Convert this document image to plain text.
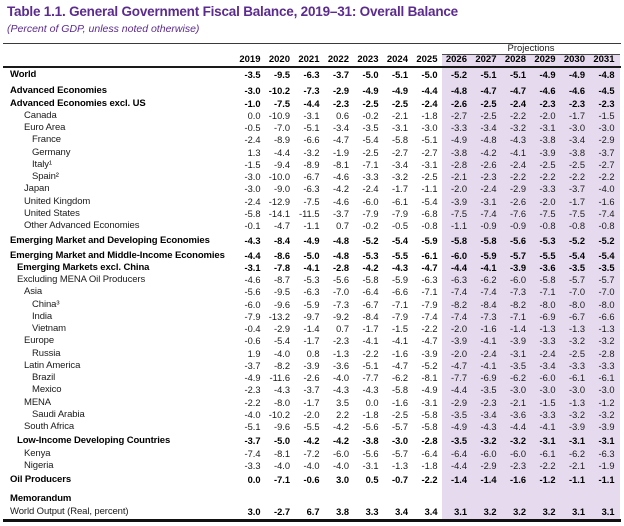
Table 1.1. General Government Fiscal Balance, 2019–31: Overall Balance
(Percent of GDP, unless noted otherwise)
Projections
2019 2020 2021 2022 2023 2024 2025 2026 2027 2028 2029 2030 2031
World	-3.5	-9.5	-6.3	-3.7	-5.0	-5.1	-5.0	-5.2	-5.1	-5.1	-4.9	-4.9	-4.8
Advanced Economies	-3.0 -10.2	-7.3	-2.9	-4.9	-4.9	-4.4	-4.8	-4.7	-4.7	-4.6	-4.6	-4.5
Advanced Economies excl. US	-1.0	-7.5	-4.4	-2.3	-2.5	-2.5	-2.4	-2.6	-2.5	-2.4	-2.3	-2.3	-2.3
Canada	0.0 -10.9	-3.1	0.6	-0.2	-2.1	-1.8	-2.7	-2.5	-2.2	-2.0	-1.7	-1.5
Euro Area	-0.5	-7.0	-5.1	-3.4	-3.5	-3.1	-3.0	-3.3	-3.4	-3.2	-3.1	-3.0	-3.0
France	-2.4	-8.9	-6.6	-4.7	-5.4	-5.8	-5.1	-4.9	-4.8	-4.3	-3.8	-3.4	-2.9
Germany	1.3	-4.4	-3.2	-1.9	-2.5	-2.7	-2.7	-3.8	-4.2	-4.1	-3.9	-3.8	-3.7
Italy¹	-1.5	-9.4	-8.9	-8.1	-7.1	-3.4	-3.1	-2.8	-2.6	-2.4	-2.5	-2.5	-2.7
Spain²	-3.0 -10.0	-6.7	-4.6	-3.3	-3.2	-2.5	-2.1	-2.3	-2.2	-2.2	-2.2	-2.2
Japan	-3.0	-9.0	-6.3	-4.2	-2.4	-1.7	-1.1	-2.0	-2.4	-2.9	-3.3	-3.7	-4.0
United Kingdom	-2.4 -12.9	-7.5	-4.6	-6.0	-6.1	-5.4	-3.9	-3.1	-2.6	-2.0	-1.7	-1.6
United States	-5.8 -14.1 -11.5	-3.7	-7.9	-7.9	-6.8	-7.5	-7.4	-7.6	-7.5	-7.5	-7.4
Other Advanced Economies	-0.1	-4.7	-1.1	0.7	-0.2	-0.5	-0.8	-1.1	-0.9	-0.9	-0.8	-0.8	-0.8
Emerging Market and Developing Economies	-4.3	-8.4	-4.9	-4.8	-5.2	-5.4	-5.9	-5.8	-5.8	-5.6	-5.3	-5.2	-5.2
Emerging Market and Middle-Income Economies	-4.4	-8.6	-5.0	-4.8	-5.3	-5.5	-6.1	-6.0	-5.9	-5.7	-5.5	-5.4	-5.4
Emerging Markets excl. China	-3.1	-7.8	-4.1	-2.8	-4.2	-4.3	-4.7	-4.4	-4.1	-3.9	-3.6	-3.5	-3.5
Excluding MENA Oil Producers	-4.6	-8.7	-5.3	-5.6	-5.8	-5.9	-6.3	-6.3	-6.2	-6.0	-5.8	-5.7	-5.7
Asia	-5.6	-9.5	-6.3	-7.0	-6.4	-6.6	-7.1	-7.4	-7.4	-7.3	-7.1	-7.0	-7.0
China³	-6.0	-9.6	-5.9	-7.3	-6.7	-7.1	-7.9	-8.2	-8.4	-8.2	-8.0	-8.0	-8.0
India	-7.9 -13.2	-9.7	-9.2	-8.4	-7.9	-7.4	-7.4	-7.3	-7.1	-6.9	-6.7	-6.6
Vietnam	-0.4	-2.9	-1.4	0.7	-1.7	-1.5	-2.2	-2.0	-1.6	-1.4	-1.3	-1.3	-1.3
Europe	-0.6	-5.4	-1.7	-2.3	-4.1	-4.1	-4.7	-3.9	-4.1	-3.9	-3.3	-3.2	-3.2
Russia	1.9	-4.0	0.8	-1.3	-2.2	-1.6	-3.9	-2.0	-2.4	-3.1	-2.4	-2.5	-2.8
Latin America	-3.7	-8.2	-3.9	-3.6	-5.1	-4.7	-5.2	-4.7	-4.1	-3.5	-3.4	-3.3	-3.3
Brazil	-4.9 -11.6	-2.6	-4.0	-7.7	-6.2	-8.1	-7.7	-6.9	-6.2	-6.0	-6.1	-6.1
Mexico	-2.3	-4.3	-3.7	-4.3	-4.3	-5.8	-4.9	-4.4	-3.5	-3.0	-3.0	-3.0	-3.0
MENA	-2.2	-8.0	-1.7	3.5	0.0	-1.6	-3.1	-2.9	-2.3	-2.1	-1.5	-1.3	-1.2
Saudi Arabia	-4.0 -10.2	-2.0	2.2	-1.8	-2.5	-5.8	-3.5	-3.4	-3.6	-3.3	-3.2	-3.2
South Africa	-5.1	-9.6	-5.5	-4.2	-5.6	-5.7	-5.8	-4.9	-4.3	-4.4	-4.1	-3.9	-3.9
Low-Income Developing Countries	-3.7	-5.0	-4.2	-4.2	-3.8	-3.0	-2.8	-3.5	-3.2	-3.2	-3.1	-3.1	-3.1
Kenya	-7.4	-8.1	-7.2	-6.0	-5.6	-5.7	-6.4	-6.4	-6.0	-6.0	-6.1	-6.2	-6.3
Nigeria	-3.3	-4.0	-4.0	-4.0	-3.1	-1.3	-1.8	-4.4	-2.9	-2.3	-2.2	-2.1	-1.9
Oil Producers	0.0	-7.1	-0.6	3.0	0.5	-0.7	-2.2	-1.4	-1.4	-1.6	-1.2	-1.1	-1.1
Memorandum
World Output (Real, percent)	3.0	-2.7	6.7	3.8	3.3	3.4	3.4	3.1	3.2	3.2	3.2	3.1	3.1
